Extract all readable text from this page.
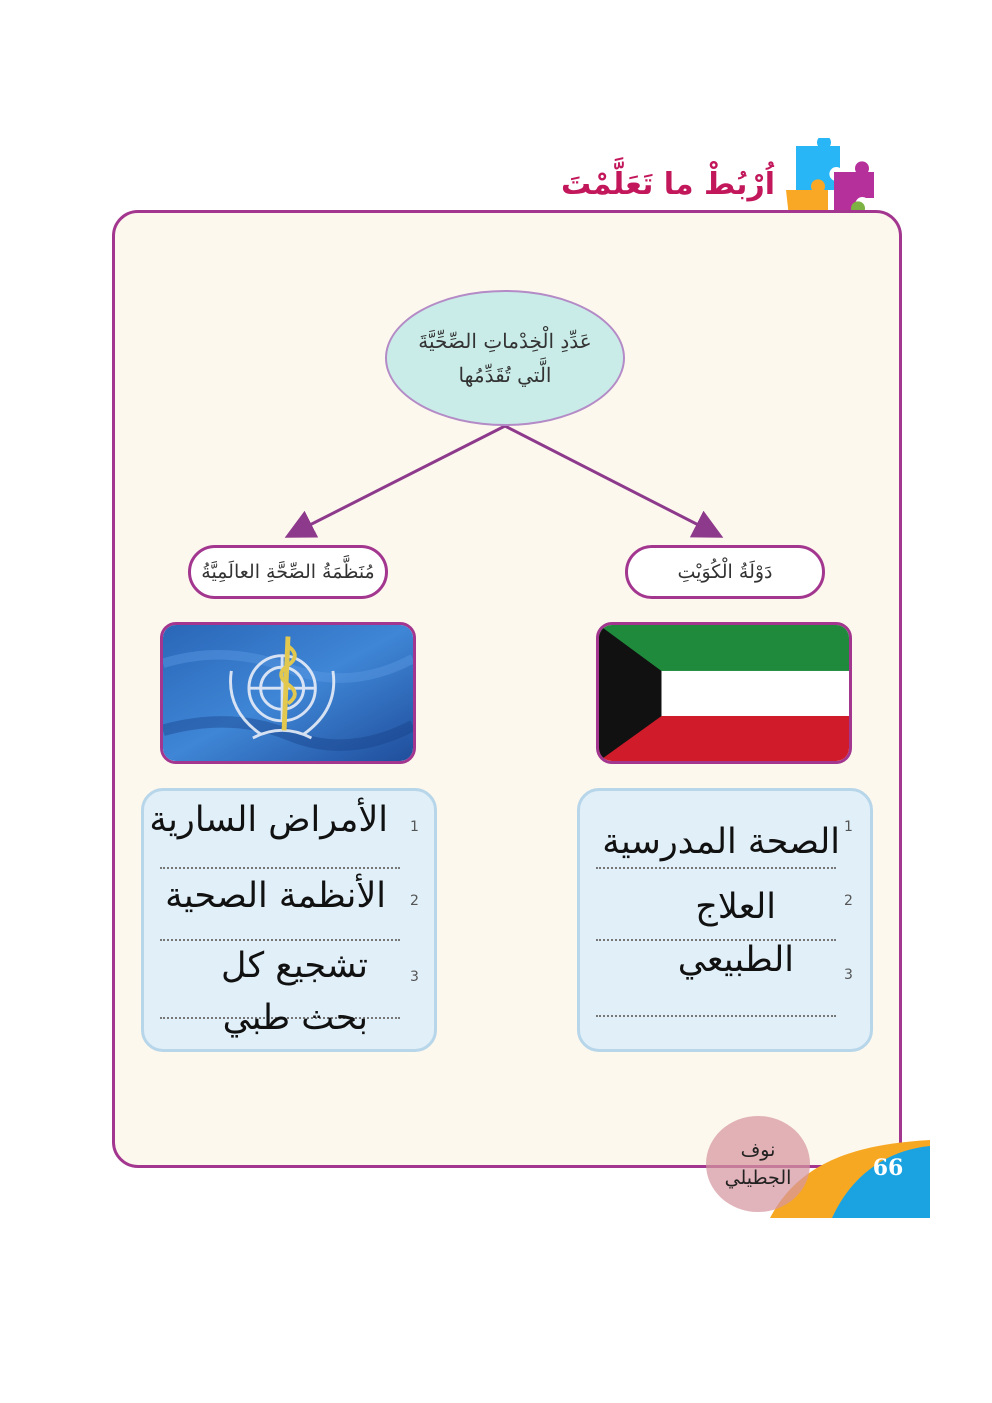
اُرْبُطْ ما تَعَلَّمْتَ
عَدِّدِ الْخِدْماتِ الصِّحِّيَّةَ
الَّتي تُقَدِّمُها
دَوْلَةُ الْكُوَيْتِ
مُنَظَّمَةُ الصِّحَّةِ العالَمِيَّةُ
1
2
3
الصحة المدرسية
العلاج
الطبيعي
1
2
3
الأمراض السارية
الأنظمة الصحية
تشجيع كل
بحث طبي
66
نوف
الجطيلي
